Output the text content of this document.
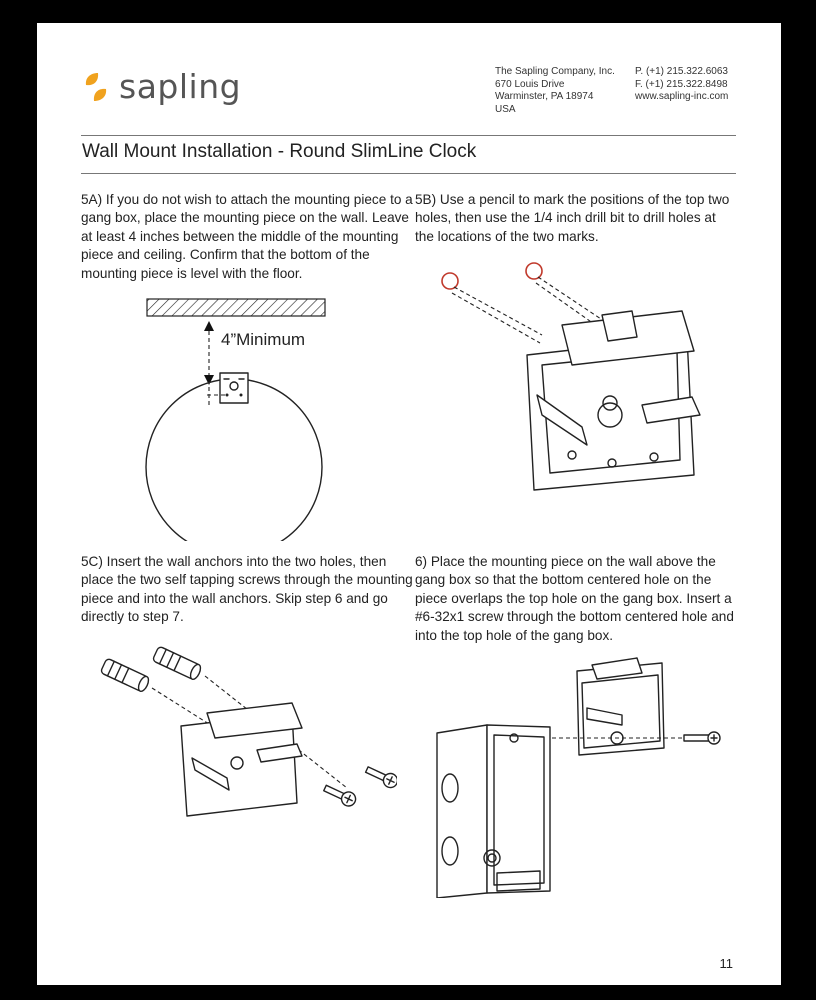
sapling	The Sapling Company, Inc.
670 Louis Drive
Warminster, PA 18974
USA
P. (+1) 215.322.6063
F. (+1) 215.322.8498
www.sapling-inc.com
Wall Mount Installation - Round SlimLine Clock
5A) If you do not wish to attach the mounting piece to a gang box, place the mounting piece on the wall. Leave at least 4 inches between the middle of the mounting piece and ceiling. Confirm that the bottom of the mounting piece is level with the floor.
5B) Use a pencil to mark the positions of the top two holes, then use the 1/4 inch drill bit to drill holes at the locations of the two marks.
5C) Insert the wall anchors into the two holes, then place the two self tapping screws through the mounting piece and into the wall anchors. Skip step 6 and go directly to step 7.
6) Place the mounting piece on the wall above the gang box so that the bottom centered hole on the piece overlaps the top hole on the gang box. Insert a #6-32x1 screw through the bottom centered hole and into the top hole of the gang box.
4”Minimum
11
